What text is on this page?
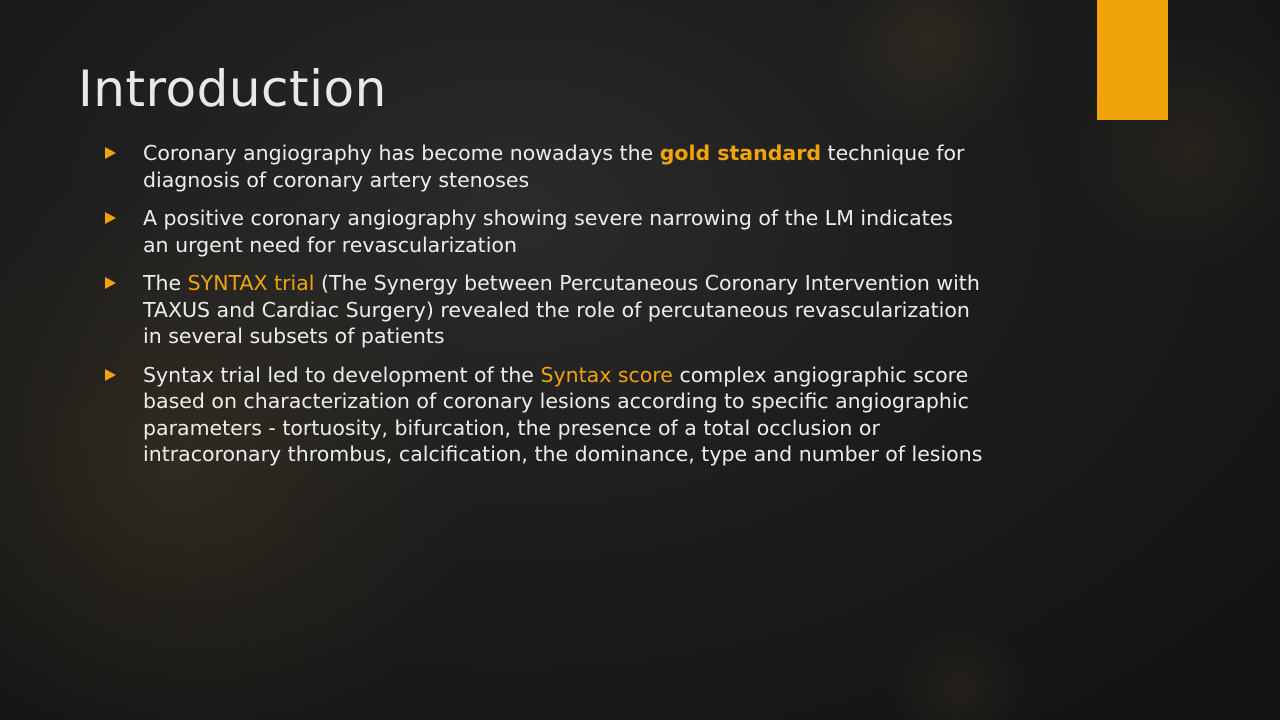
Introduction
Coronary angiography has become nowadays the gold standard technique for diagnosis of coronary artery stenoses
A positive coronary angiography showing severe narrowing of the LM indicates an urgent need for revascularization
The SYNTAX trial (The Synergy between Percutaneous Coronary Intervention with TAXUS and Cardiac Surgery) revealed the role of percutaneous revascularization in several subsets of patients
Syntax trial led to development of the Syntax score complex angiographic score based on characterization of coronary lesions according to specific angiographic parameters - tortuosity, bifurcation, the presence of a total occlusion or intracoronary thrombus, calcification, the dominance, type and number of lesions
